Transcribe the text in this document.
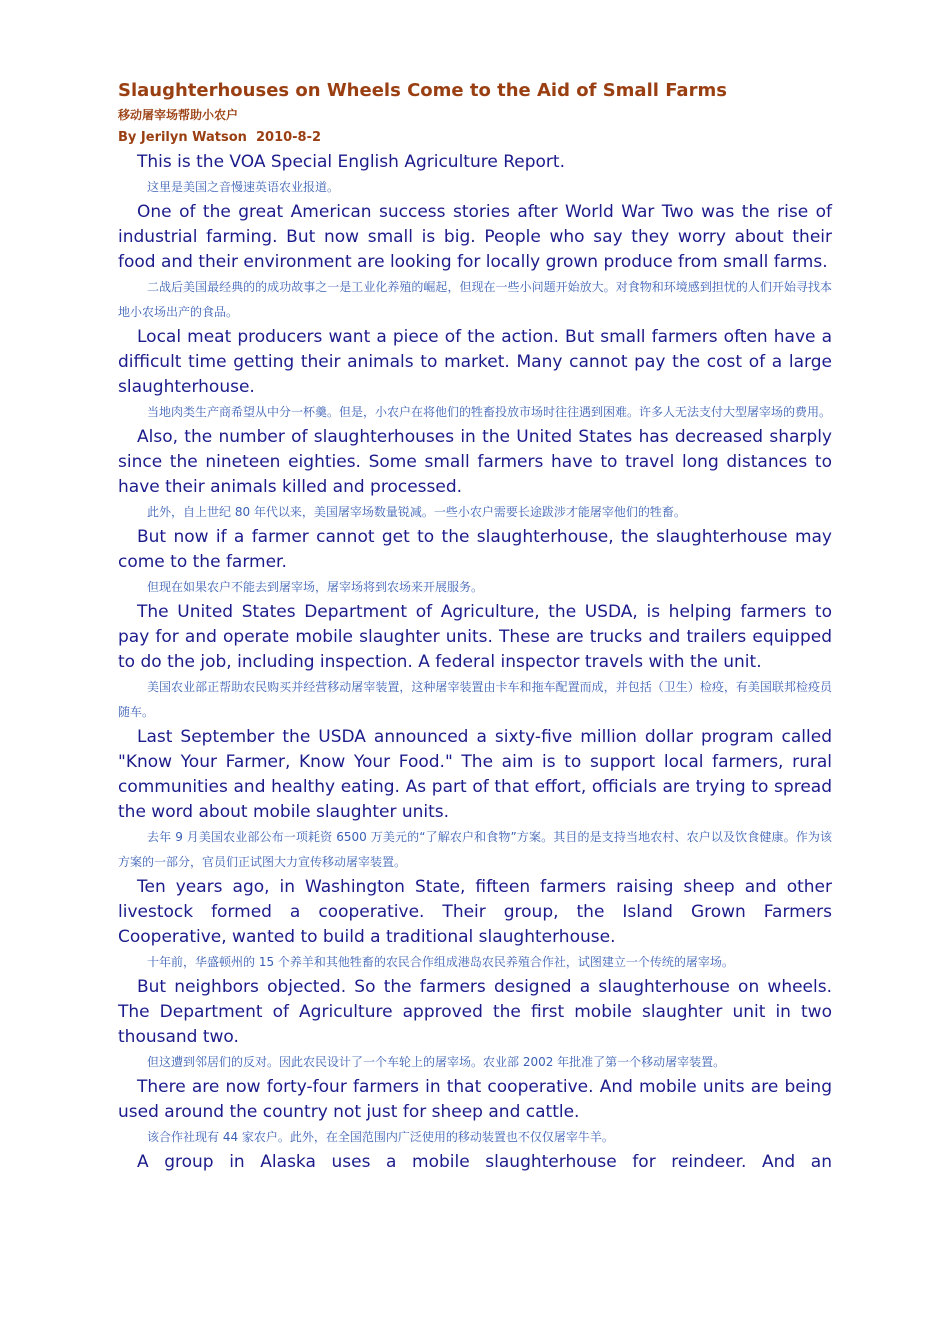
Slaughterhouses on Wheels Come to the Aid of Small Farms

移动屠宰场帮助小农户

By Jerilyn Watson  2010-8-2

This is the VOA Special English Agriculture Report.

这里是美国之音慢速英语农业报道。

One of the great American success stories after World War Two was the rise of industrial farming. But now small is big. People who say they worry about their food and their environment are looking for locally grown produce from small farms.

二战后美国最经典的的成功故事之一是工业化养殖的崛起，但现在一些小问题开始放大。对食物和环境感到担忧的人们开始寻找本地小农场出产的食品。

Local meat producers want a piece of the action. But small farmers often have a difficult time getting their animals to market. Many cannot pay the cost of a large slaughterhouse.

当地肉类生产商希望从中分一杯羹。但是，小农户在将他们的牲畜投放市场时往往遇到困难。许多人无法支付大型屠宰场的费用。

Also, the number of slaughterhouses in the United States has decreased sharply since the nineteen eighties. Some small farmers have to travel long distances to have their animals killed and processed.

此外，自上世纪 80 年代以来，美国屠宰场数量锐减。一些小农户需要长途跋涉才能屠宰他们的牲畜。

But now if a farmer cannot get to the slaughterhouse, the slaughterhouse may come to the farmer.

但现在如果农户不能去到屠宰场，屠宰场将到农场来开展服务。

The United States Department of Agriculture, the USDA, is helping farmers to pay for and operate mobile slaughter units. These are trucks and trailers equipped to do the job, including inspection. A federal inspector travels with the unit.

美国农业部正帮助农民购买并经营移动屠宰装置，这种屠宰装置由卡车和拖车配置而成，并包括（卫生）检疫，有美国联邦检疫员随车。

Last September the USDA announced a sixty-five million dollar program called "Know Your Farmer, Know Your Food." The aim is to support local farmers, rural communities and healthy eating. As part of that effort, officials are trying to spread the word about mobile slaughter units.

去年 9 月美国农业部公布一项耗资 6500 万美元的“了解农户和食物”方案。其目的是支持当地农村、农户以及饮食健康。作为该方案的一部分，官员们正试图大力宣传移动屠宰装置。

Ten years ago, in Washington State, fifteen farmers raising sheep and other livestock formed a cooperative. Their group, the Island Grown Farmers Cooperative, wanted to build a traditional slaughterhouse.

十年前，华盛顿州的 15 个养羊和其他牲畜的农民合作组成港岛农民养殖合作社，试图建立一个传统的屠宰场。

But neighbors objected. So the farmers designed a slaughterhouse on wheels. The Department of Agriculture approved the first mobile slaughter unit in two thousand two.

但这遭到邻居们的反对。因此农民设计了一个车轮上的屠宰场。农业部 2002 年批准了第一个移动屠宰装置。

There are now forty-four farmers in that cooperative. And mobile units are being used around the country not just for sheep and cattle.

该合作社现有 44 家农户。此外，在全国范围内广泛使用的移动装置也不仅仅屠宰牛羊。

A group in Alaska uses a mobile slaughterhouse for reindeer. And an
